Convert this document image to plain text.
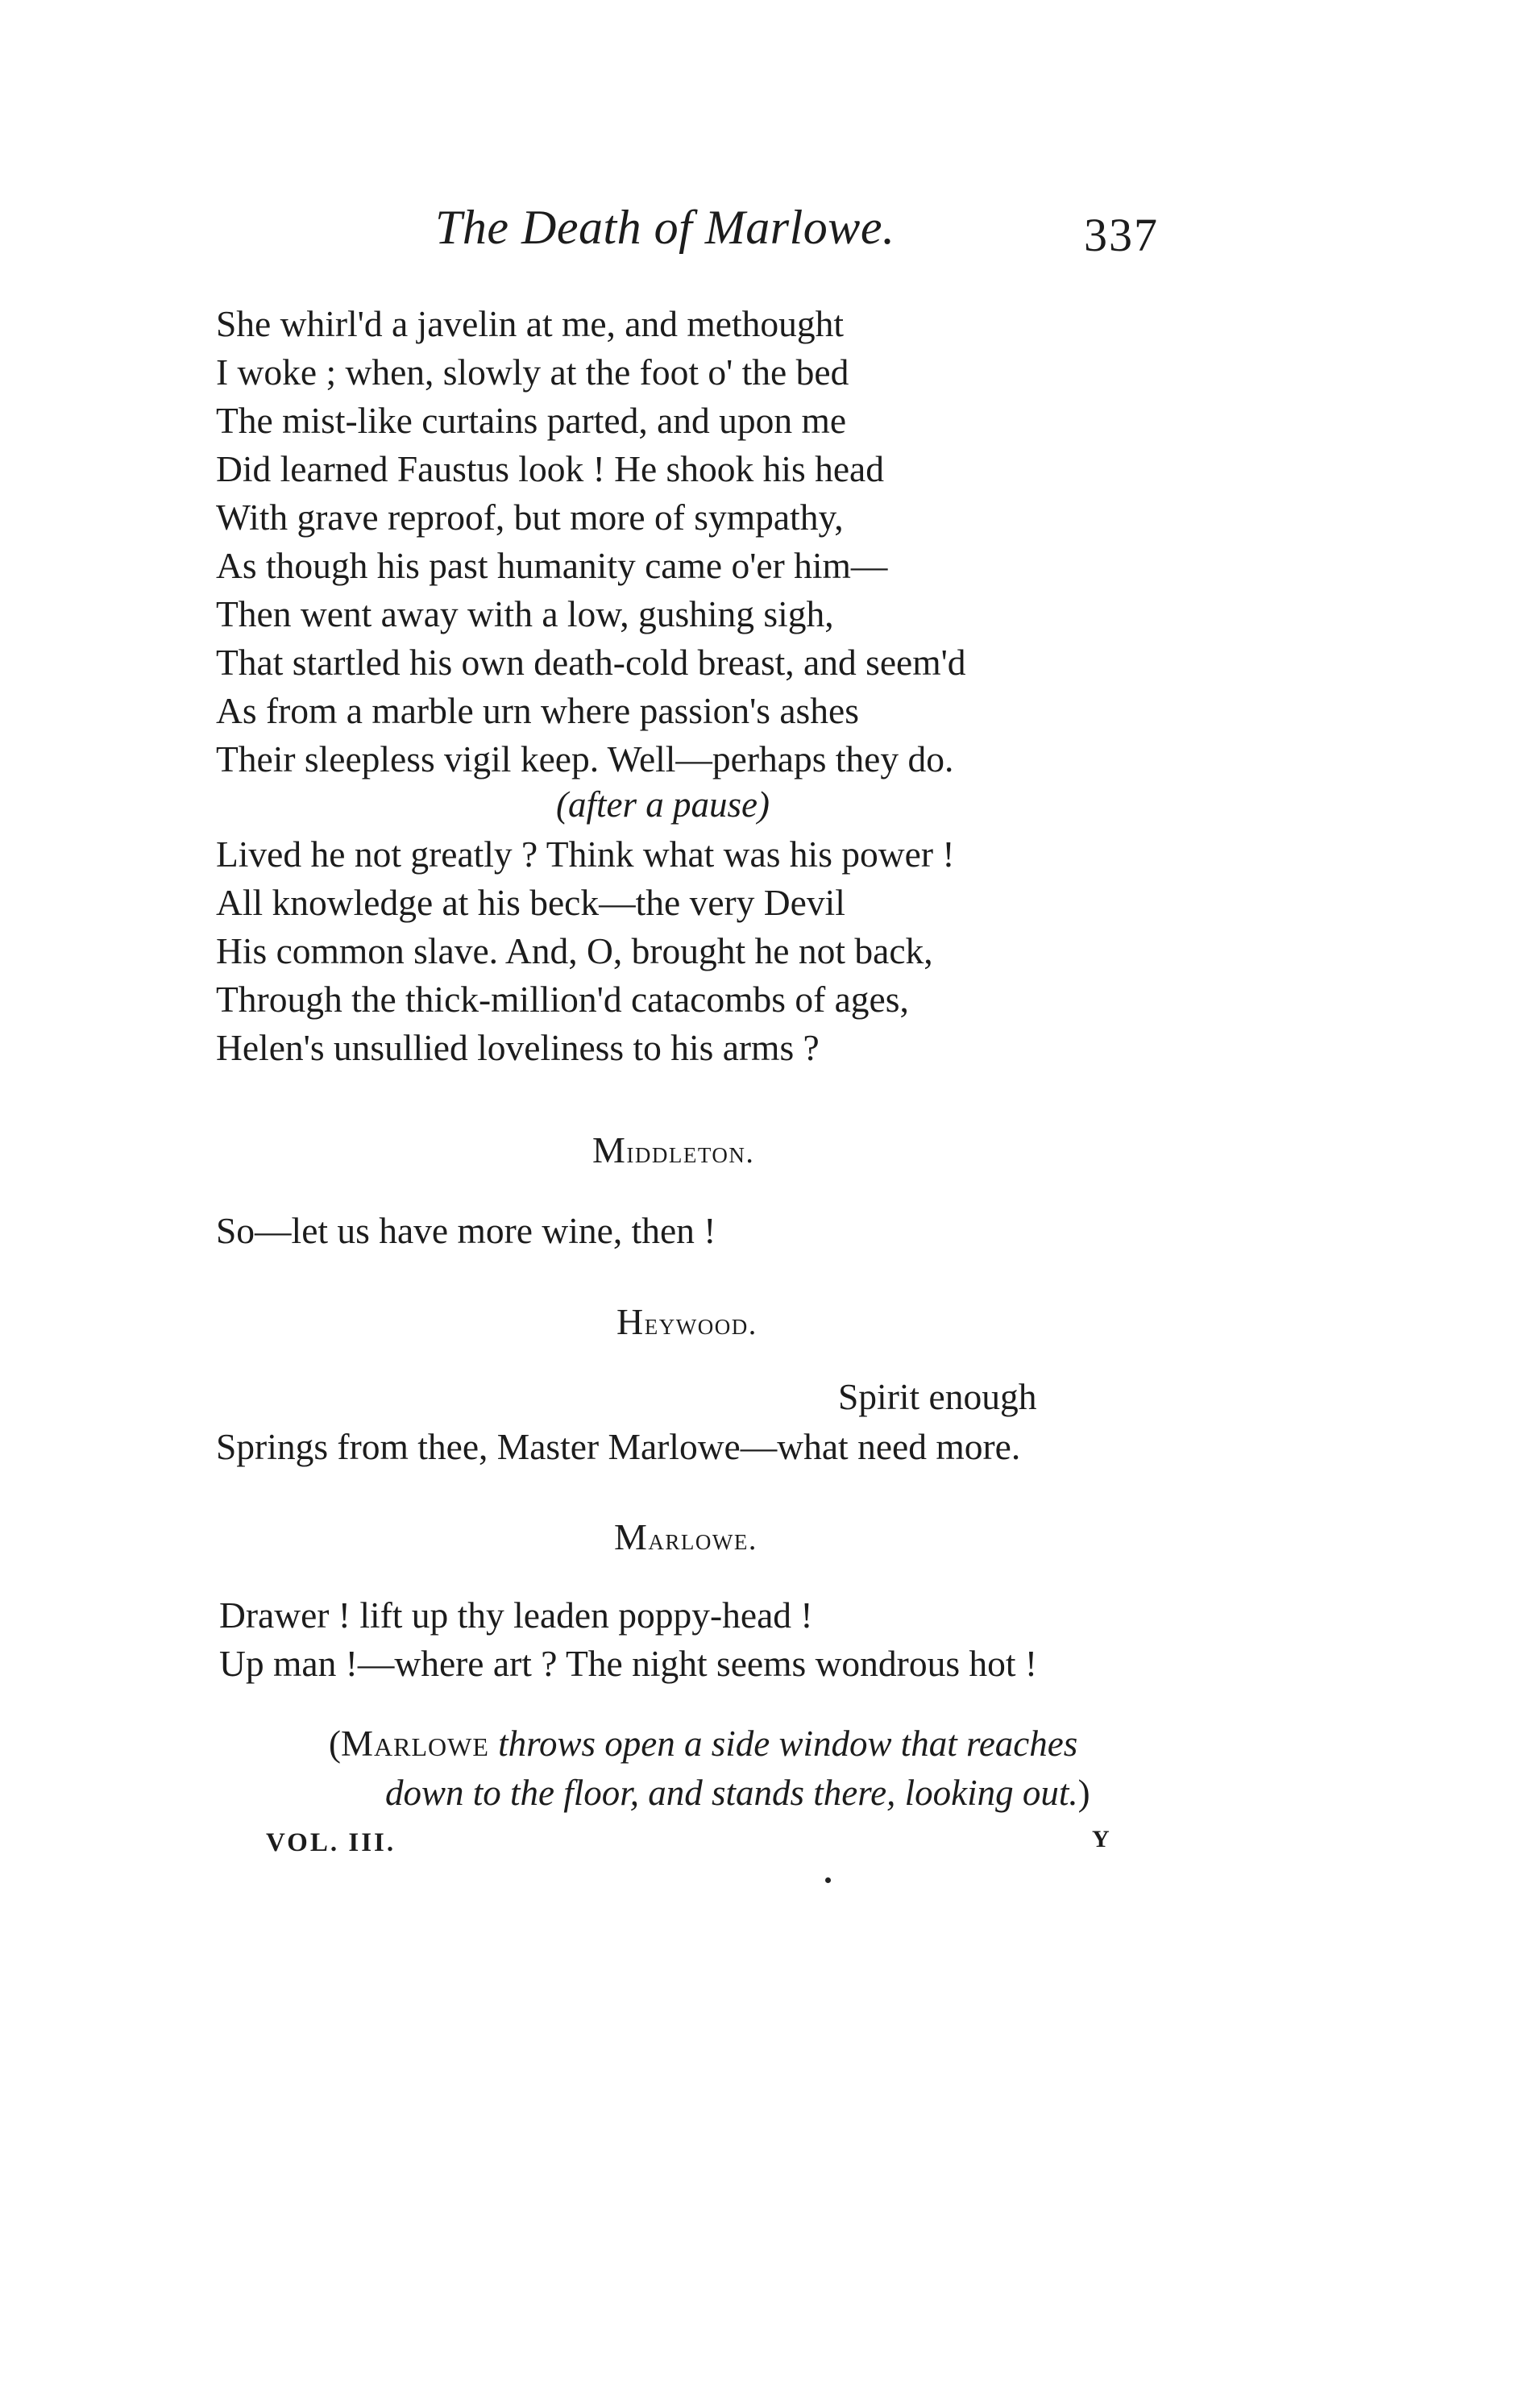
The Death of Marlowe.	337
She whirl'd a javelin at me, and methought
I woke ; when, slowly at the foot o' the bed
The mist-like curtains parted, and upon me
Did learned Faustus look ! He shook his head
With grave reproof, but more of sympathy,
As though his past humanity came o'er him—
Then went away with a low, gushing sigh,
That startled his own death-cold breast, and seem'd
As from a marble urn where passion's ashes
Their sleepless vigil keep. Well—perhaps they do.
(after a pause)
Lived he not greatly ? Think what was his power !
All knowledge at his beck—the very Devil
His common slave. And, O, brought he not back,
Through the thick-million'd catacombs of ages,
Helen's unsullied loveliness to his arms ?
Middleton.
So—let us have more wine, then !
Heywood.
Spirit enough
Springs from thee, Master Marlowe—what need more.
Marlowe.
Drawer ! lift up thy leaden poppy-head !
Up man !—where art ? The night seems wondrous hot !
(Marlowe throws open a side window that reaches
down to the floor, and stands there, looking out.)
VOL. III.	Y
